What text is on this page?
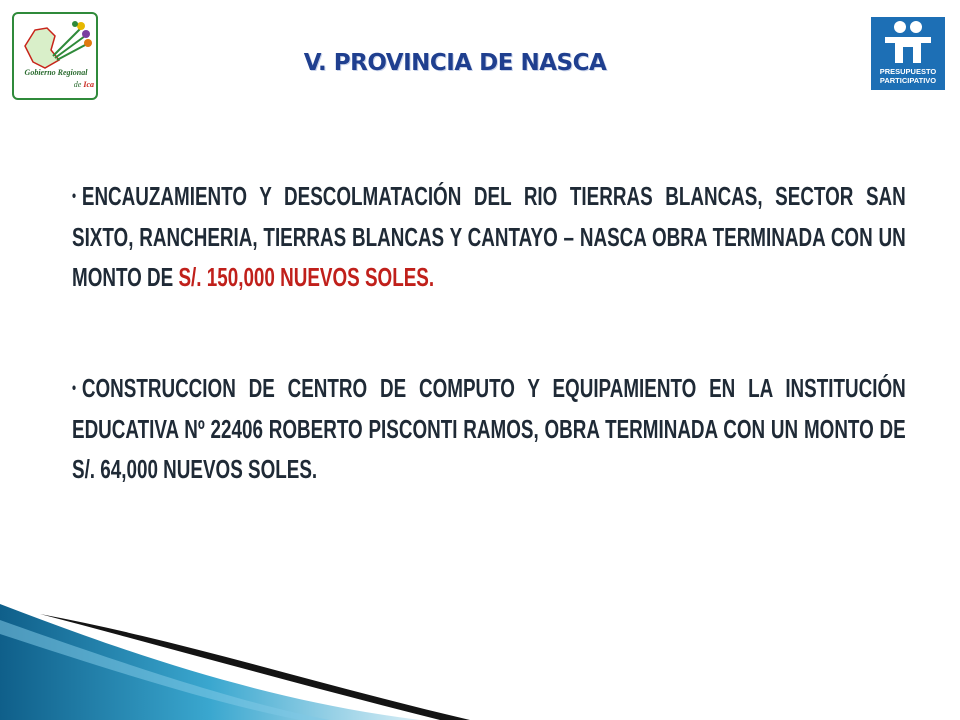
Gobierno Regional
de Ica
V. PROVINCIA DE NASCA	PRESUPUESTO
PARTICIPATIVO
• ENCAUZAMIENTO Y DESCOLMATACIÓN DEL RIO TIERRAS BLANCAS, SECTOR SAN SIXTO, RANCHERIA, TIERRAS BLANCAS Y CANTAYO – NASCA OBRA TERMINADA CON UN MONTO DE S/. 150,000 NUEVOS SOLES.
• CONSTRUCCION DE CENTRO DE COMPUTO Y EQUIPAMIENTO EN LA INSTITUCIÓN EDUCATIVA Nº 22406 ROBERTO PISCONTI RAMOS, OBRA TERMINADA CON UN MONTO DE S/. 64,000 NUEVOS SOLES.
